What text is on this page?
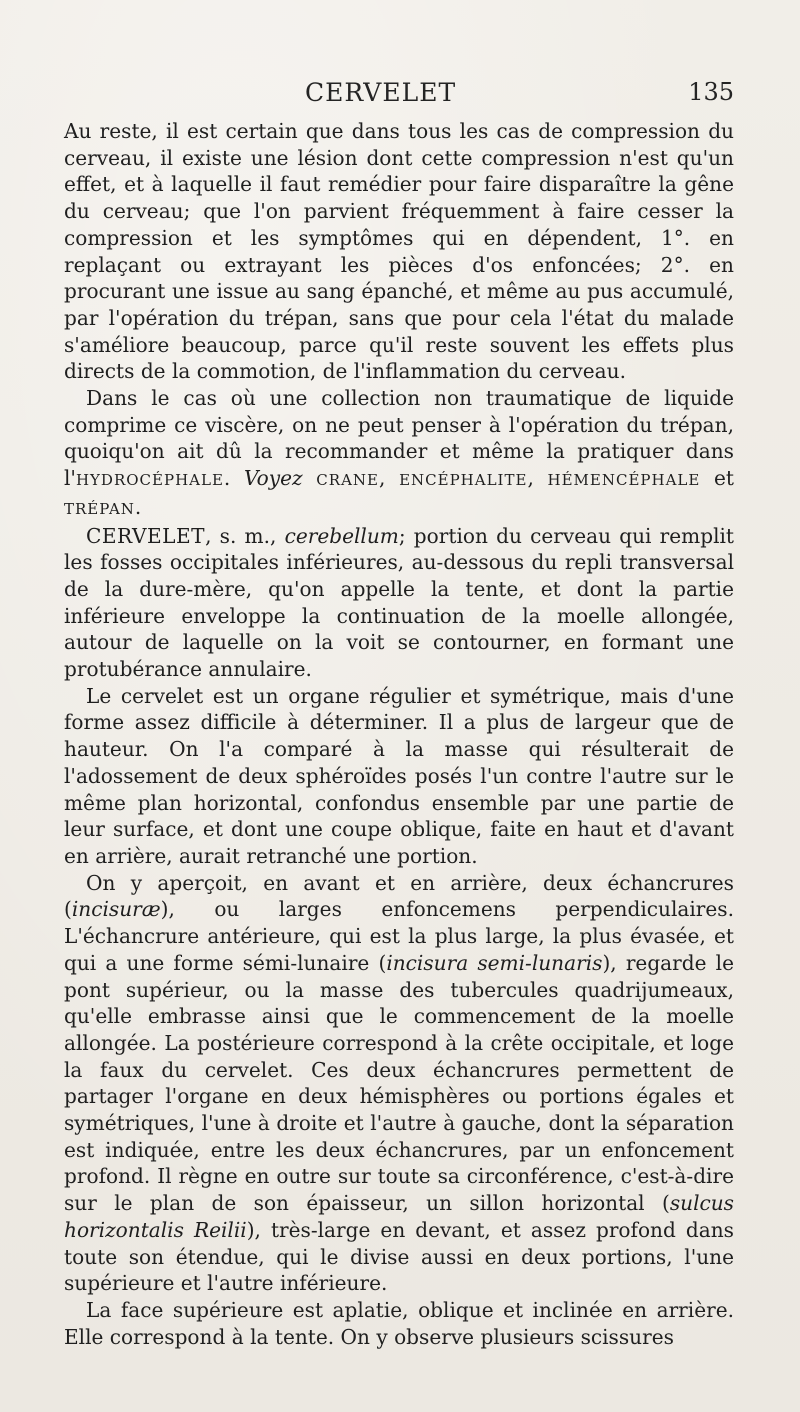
CERVELET	135

Au reste, il est certain que dans tous les cas de compression du cerveau, il existe une lésion dont cette compression n'est qu'un effet, et à laquelle il faut remédier pour faire disparaître la gêne du cerveau; que l'on parvient fréquemment à faire cesser la compression et les symptômes qui en dépendent, 1°. en replaçant ou extrayant les pièces d'os enfoncées; 2°. en procurant une issue au sang épanché, et même au pus accumulé, par l'opération du trépan, sans que pour cela l'état du malade s'améliore beaucoup, parce qu'il reste souvent les effets plus directs de la commotion, de l'inflammation du cerveau.

Dans le cas où une collection non traumatique de liquide comprime ce viscère, on ne peut penser à l'opération du trépan, quoiqu'on ait dû la recommander et même la pratiquer dans l'HYDROCÉPHALE. Voyez CRANE, ENCÉPHALITE, HÉMENCÉPHALE et TRÉPAN.

CERVELET, s. m., cerebellum; portion du cerveau qui remplit les fosses occipitales inférieures, au-dessous du repli transversal de la dure-mère, qu'on appelle la tente, et dont la partie inférieure enveloppe la continuation de la moelle allongée, autour de laquelle on la voit se contourner, en formant une protubérance annulaire.

Le cervelet est un organe régulier et symétrique, mais d'une forme assez difficile à déterminer. Il a plus de largeur que de hauteur. On l'a comparé à la masse qui résulterait de l'adossement de deux sphéroïdes posés l'un contre l'autre sur le même plan horizontal, confondus ensemble par une partie de leur surface, et dont une coupe oblique, faite en haut et d'avant en arrière, aurait retranché une portion.

On y aperçoit, en avant et en arrière, deux échancrures (incisuræ), ou larges enfoncemens perpendiculaires. L'échancrure antérieure, qui est la plus large, la plus évasée, et qui a une forme sémi-lunaire (incisura semi-lunaris), regarde le pont supérieur, ou la masse des tubercules quadrijumeaux, qu'elle embrasse ainsi que le commencement de la moelle allongée. La postérieure correspond à la crête occipitale, et loge la faux du cervelet. Ces deux échancrures permettent de partager l'organe en deux hémisphères ou portions égales et symétriques, l'une à droite et l'autre à gauche, dont la séparation est indiquée, entre les deux échancrures, par un enfoncement profond. Il règne en outre sur toute sa circonférence, c'est-à-dire sur le plan de son épaisseur, un sillon horizontal (sulcus horizontalis Reilii), très-large en devant, et assez profond dans toute son étendue, qui le divise aussi en deux portions, l'une supérieure et l'autre inférieure.

La face supérieure est aplatie, oblique et inclinée en arrière. Elle correspond à la tente. On y observe plusieurs scissures
